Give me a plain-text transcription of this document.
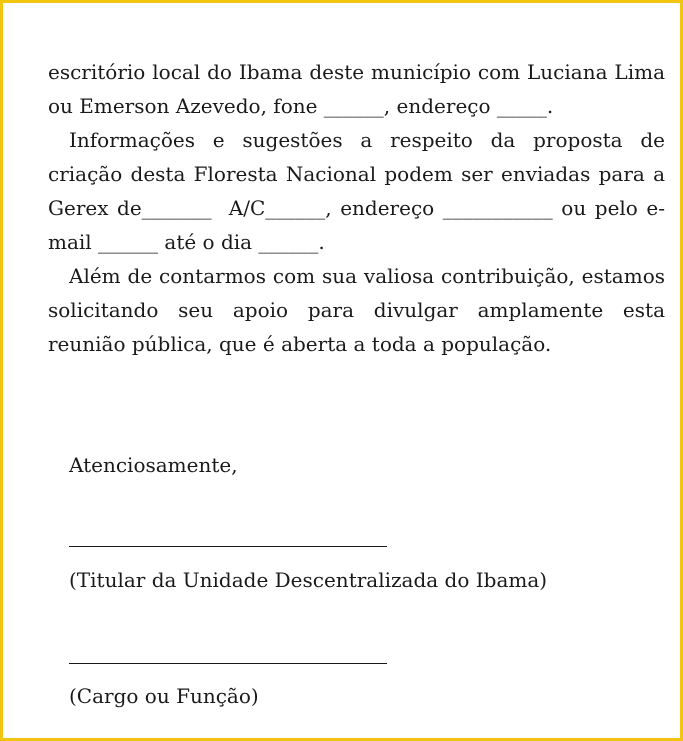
escritório local do Ibama deste município com Luciana Lima ou Emerson Azevedo, fone ______, endereço _____.

Informações e sugestões a respeito da proposta de criação desta Floresta Nacional podem ser enviadas para a Gerex de_______  A/C______, endereço ___________ ou pelo e-mail ______ até o dia ______.

Além de contarmos com sua valiosa contribuição, estamos solicitando seu apoio para divulgar amplamente esta reunião pública, que é aberta a toda a população.

Atenciosamente,
(Titular da Unidade Descentralizada do Ibama)
(Cargo ou Função)
